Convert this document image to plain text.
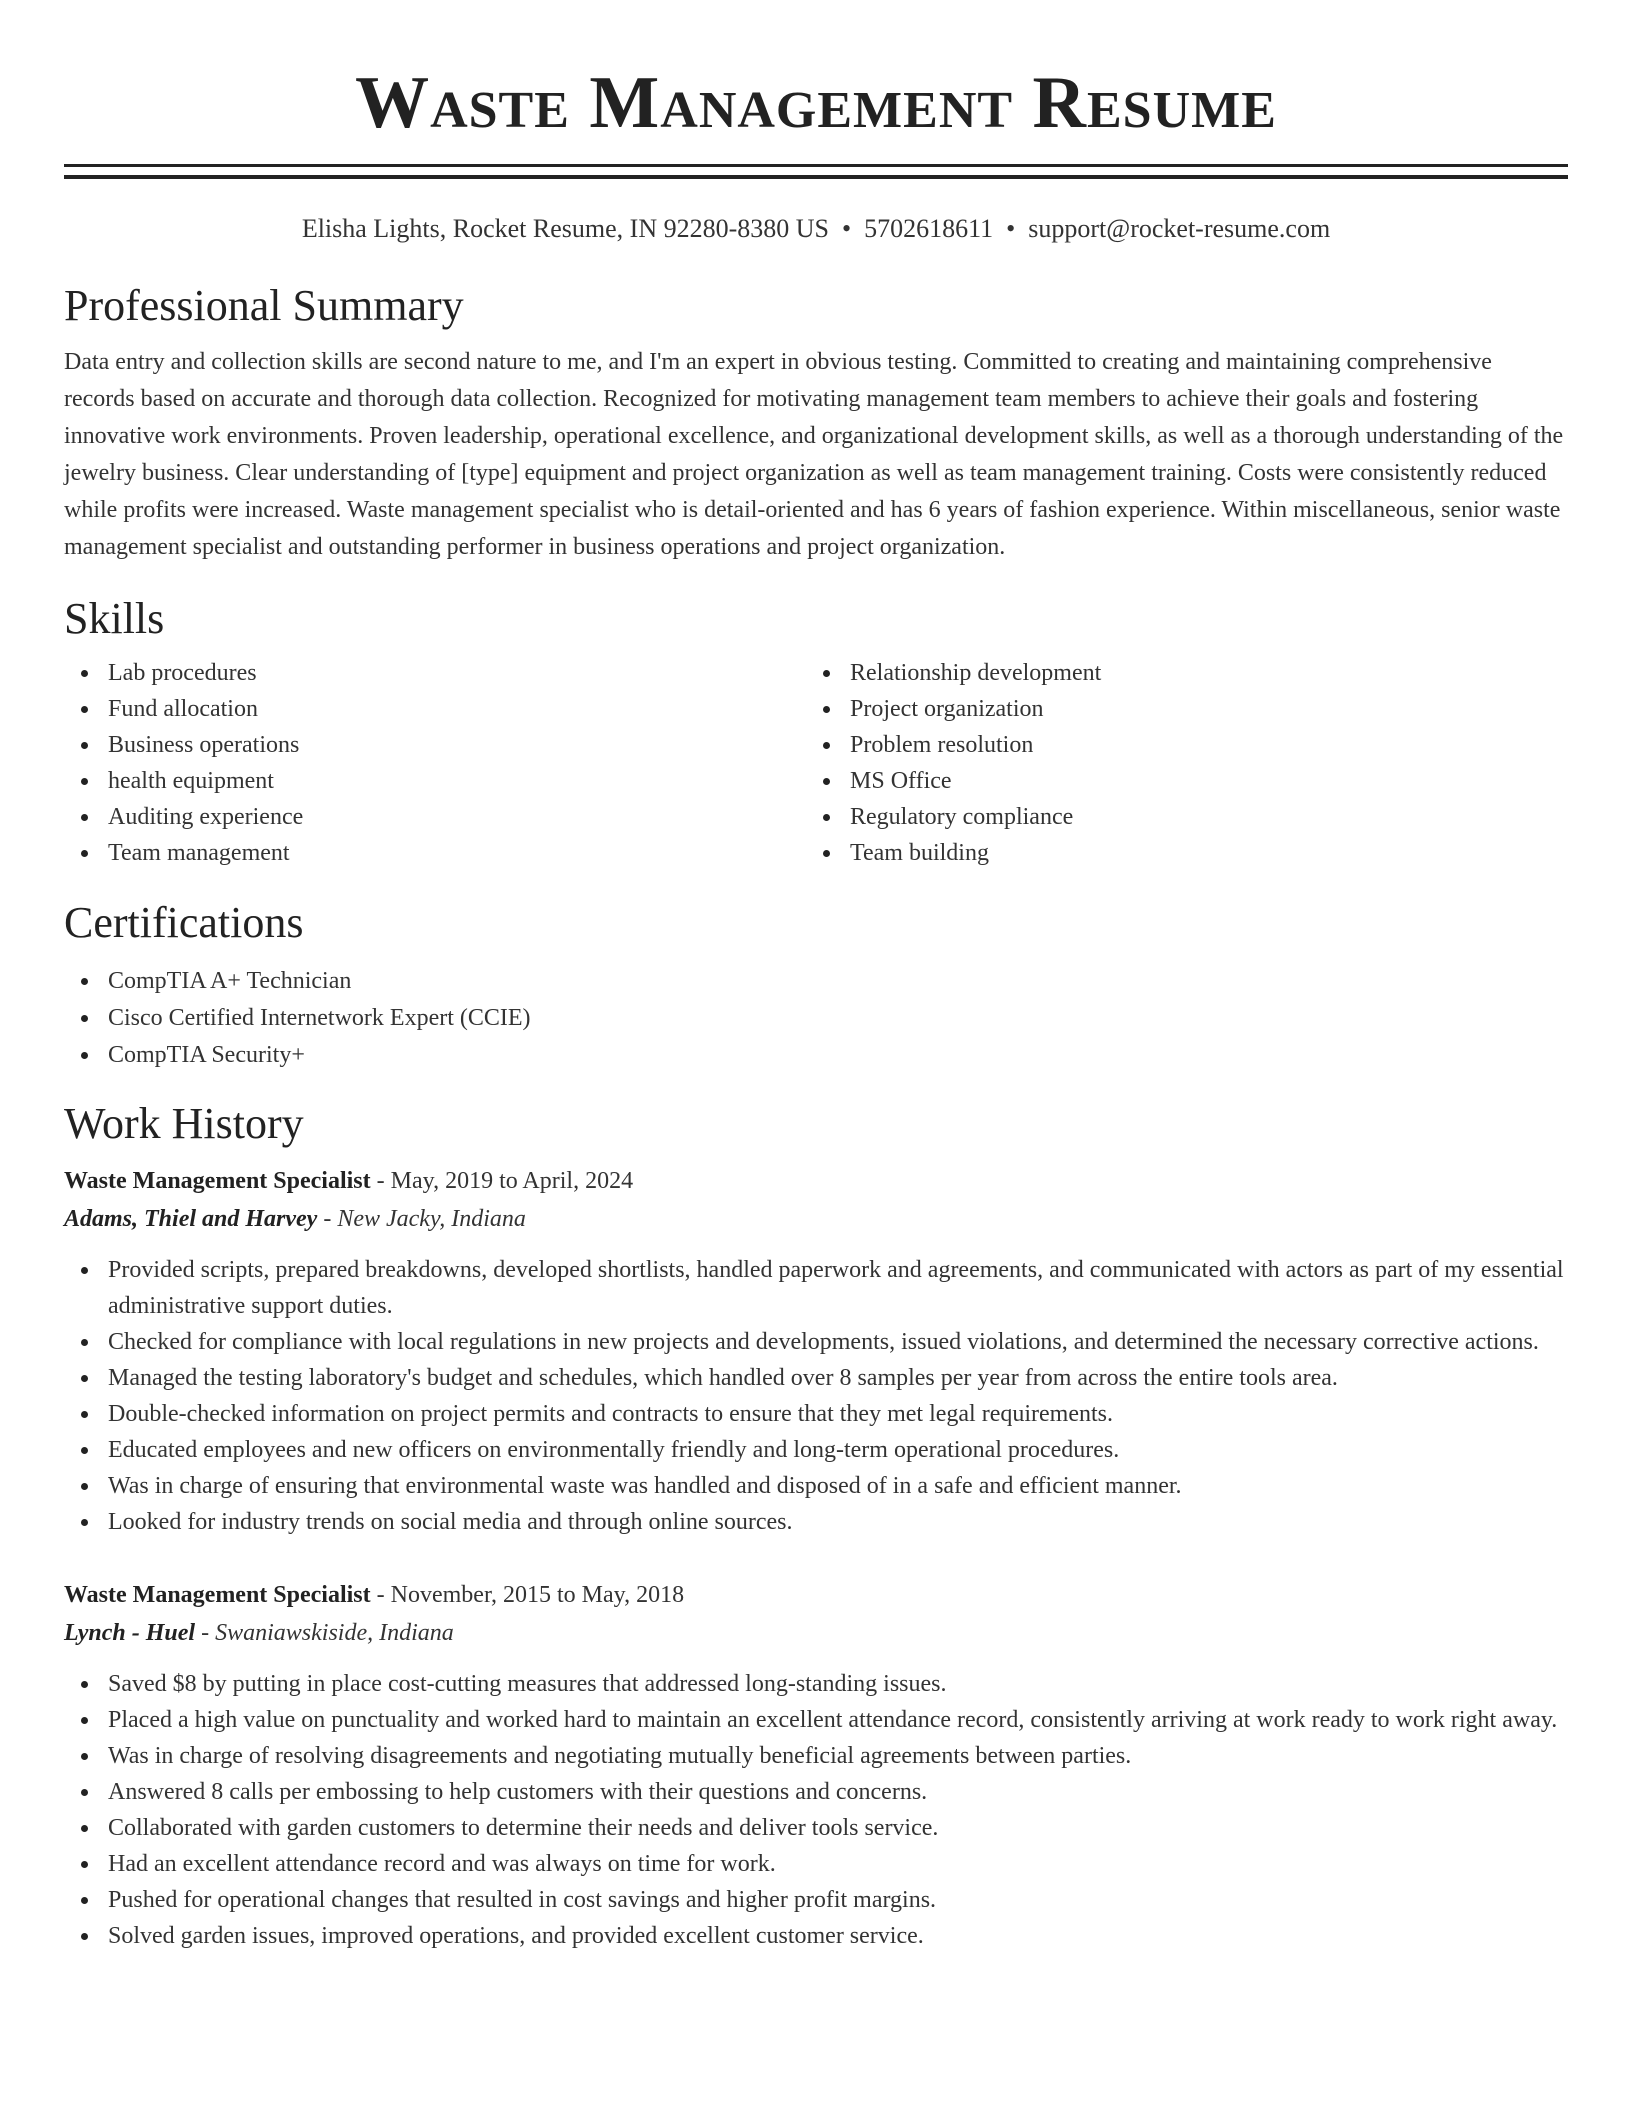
Waste Management Resume
Elisha Lights, Rocket Resume, IN 92280-8380 US • 5702618611 • support@rocket-resume.com
Professional Summary

Data entry and collection skills are second nature to me, and I'm an expert in obvious testing. Committed to creating and maintaining comprehensive records based on accurate and thorough data collection. Recognized for motivating management team members to achieve their goals and fostering innovative work environments. Proven leadership, operational excellence, and organizational development skills, as well as a thorough understanding of the jewelry business. Clear understanding of [type] equipment and project organization as well as team management training. Costs were consistently reduced while profits were increased. Waste management specialist who is detail-oriented and has 6 years of fashion experience. Within miscellaneous, senior waste management specialist and outstanding performer in business operations and project organization.

Skills
Lab procedures
Fund allocation
Business operations
health equipment
Auditing experience
Team management
Relationship development
Project organization
Problem resolution
MS Office
Regulatory compliance
Team building
Certifications
CompTIA A+ Technician
Cisco Certified Internetwork Expert (CCIE)
CompTIA Security+
Work History
Waste Management Specialist - May, 2019 to April, 2024
Adams, Thiel and Harvey - New Jacky, Indiana
Provided scripts, prepared breakdowns, developed shortlists, handled paperwork and agreements, and communicated with actors as part of my essential administrative support duties.
Checked for compliance with local regulations in new projects and developments, issued violations, and determined the necessary corrective actions.
Managed the testing laboratory's budget and schedules, which handled over 8 samples per year from across the entire tools area.
Double-checked information on project permits and contracts to ensure that they met legal requirements.
Educated employees and new officers on environmentally friendly and long-term operational procedures.
Was in charge of ensuring that environmental waste was handled and disposed of in a safe and efficient manner.
Looked for industry trends on social media and through online sources.
Waste Management Specialist - November, 2015 to May, 2018
Lynch - Huel - Swaniawskiside, Indiana
Saved $8 by putting in place cost-cutting measures that addressed long-standing issues.
Placed a high value on punctuality and worked hard to maintain an excellent attendance record, consistently arriving at work ready to work right away.
Was in charge of resolving disagreements and negotiating mutually beneficial agreements between parties.
Answered 8 calls per embossing to help customers with their questions and concerns.
Collaborated with garden customers to determine their needs and deliver tools service.
Had an excellent attendance record and was always on time for work.
Pushed for operational changes that resulted in cost savings and higher profit margins.
Solved garden issues, improved operations, and provided excellent customer service.
